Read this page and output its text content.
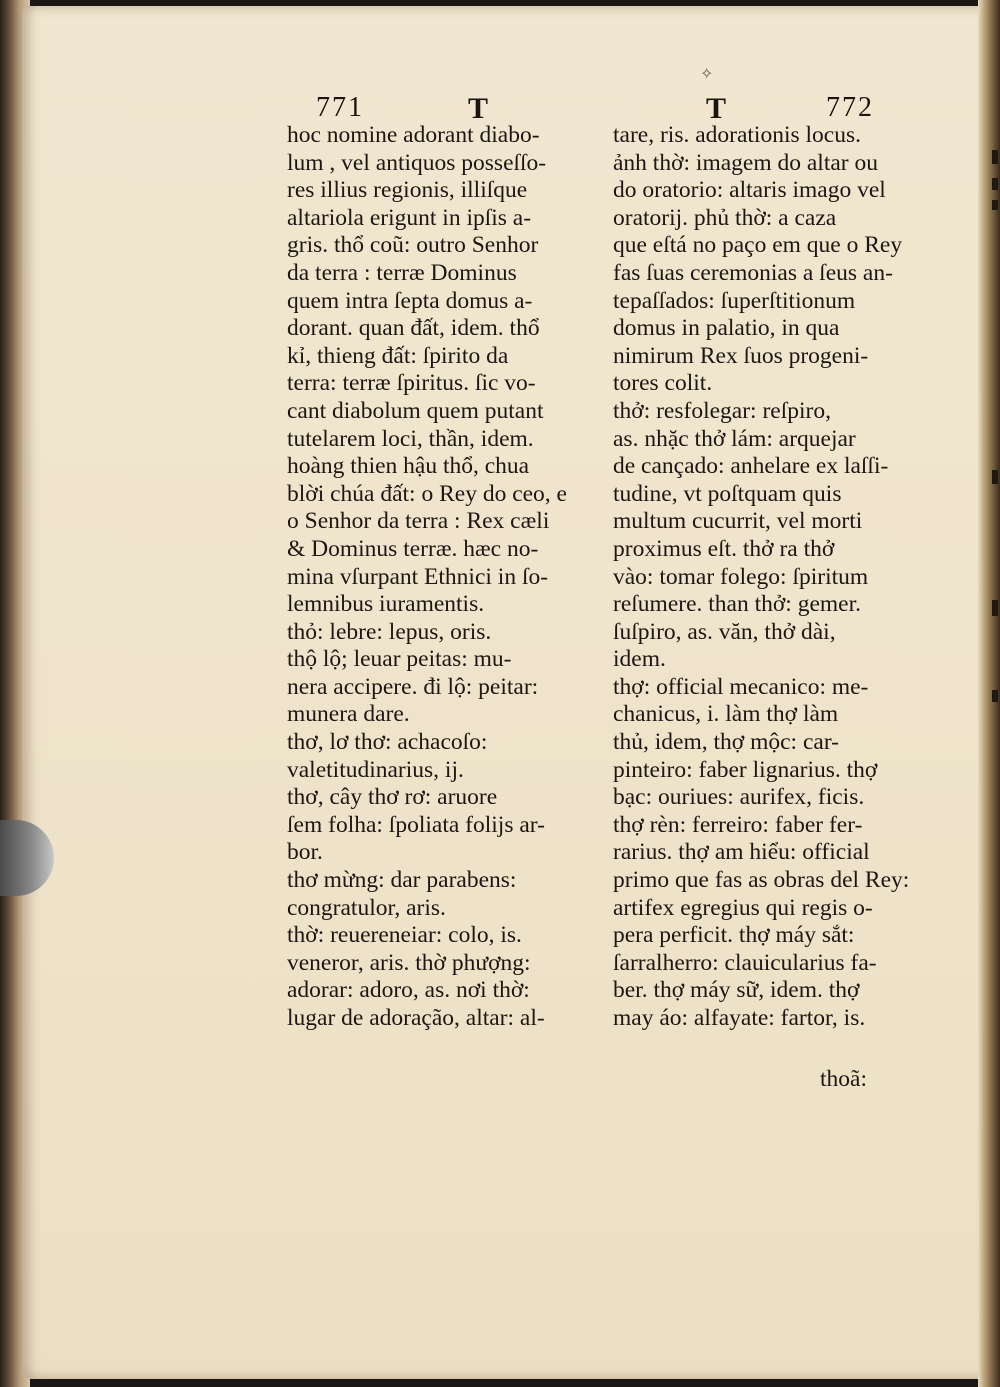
✧
771	T	T	772
hoc nomine adorant diabo-
lum , vel antiquos posseſſo-
res illius regionis, illiſque
altariola erigunt in ipſis a-
gris. thổ coũ: outro Senhor
da terra : terræ Dominus
quem intra ſepta domus a-
dorant. quan đất, idem. thổ
kỉ, thieng đất: ſpirito da
terra: terræ ſpiritus. ſic vo-
cant diabolum quem putant
tutelarem loci, thần, idem.
hoàng thien hậu thổ, chua
blời chúa đất: o Rey do ceo, e
o Senhor da terra : Rex cæli
& Dominus terræ. hæc no-
mina vſurpant Ethnici in ſo-
lemnibus iuramentis.
thỏ: lebre: lepus, oris.
thộ lộ; leuar peitas: mu-
nera accipere. đi lộ: peitar:
munera dare.
thơ, lơ thơ: achacoſo:
valetitudinarius, ij.
thơ, cây thơ rơ: aruore
ſem folha: ſpoliata folijs ar-
bor.
thơ mừng: dar parabens:
congratulor, aris.
thờ: reuereneiar: colo, is.
veneror, aris. thờ phượng:
adorar: adoro, as. nơi thờ:
lugar de adoração, altar: al-
tare, ris. adorationis locus.
ảnh thờ: imagem do altar ou
do oratorio: altaris imago vel
oratorij. phủ thờ: a caza
que eſtá no paço em que o Rey
fas ſuas ceremonias a ſeus an-
tepaſſados: ſuperſtitionum
domus in palatio, in qua
nimirum Rex ſuos progeni-
tores colit.
thở: resfolegar: reſpiro,
as. nhặc thở lám: arquejar
de cançado: anhelare ex laſſi-
tudine, vt poſtquam quis
multum cucurrit, vel morti
proximus eſt. thở ra thở
vào: tomar folego: ſpiritum
reſumere. than thở: gemer.
ſuſpiro, as. văn, thở dài,
idem.
thợ: official mecanico: me-
chanicus, i. làm thợ làm
thủ, idem, thợ mộc: car-
pinteiro: faber lignarius. thợ
bạc: ouriues: aurifex, ficis.
thợ rèn: ferreiro: faber fer-
rarius. thợ am hiểu: official
primo que fas as obras del Rey:
artifex egregius qui regis o-
pera perficit. thợ máy sắt:
ſarralherro: clauicularius fa-
ber. thợ máy sữ, idem. thợ
may áo: alfayate: fartor, is.
thoã:
